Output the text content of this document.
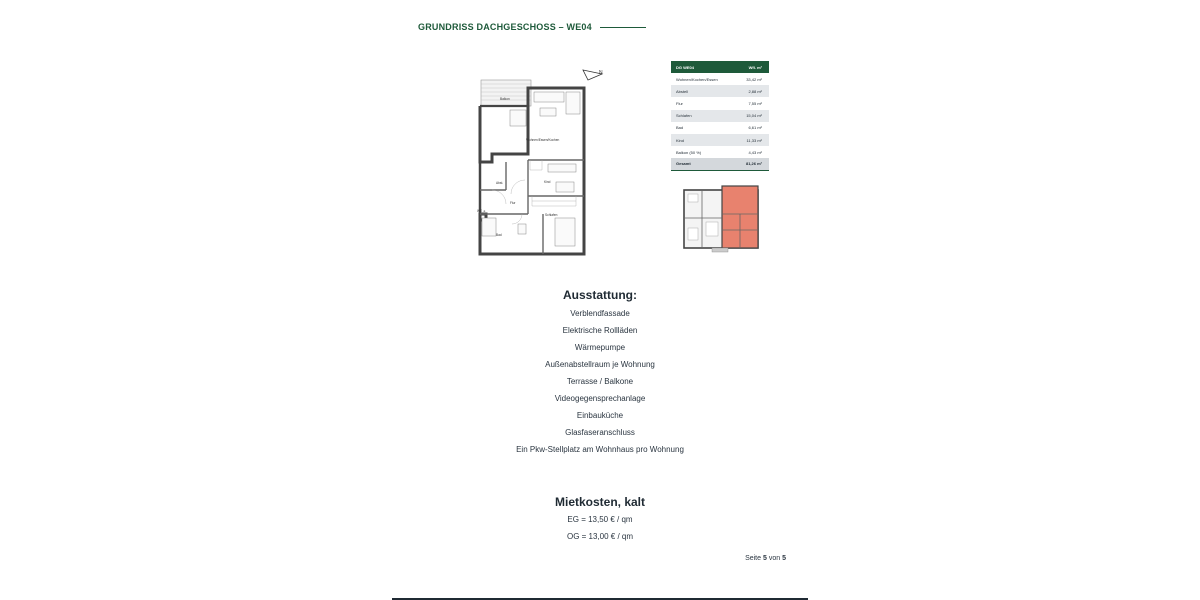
GRUNDRISS DACHGESCHOSS – WE04
N
Balkon
Wohnen/Essen/Kochen
Abst.	Kind
Flur
Schlafen
Bad
WE ➔
DG WE04	Wfl. m²
Wohnen/Kochen/Essen	33,42 m²
Abstell	2,88 m²
Flur	7,55 m²
Schlafen	15,04 m²
Bad	6,61 m²
Kind	11,33 m²
Balkon (50 %)	4,43 m²
Gesamt	81,26 m²
Ausstattung:
Verblendfassade
Elektrische Rollläden
Wärmepumpe
Außenabstellraum je Wohnung
Terrasse / Balkone
Videogegensprechanlage
Einbauküche
Glasfaseranschluss
Ein Pkw-Stellplatz am Wohnhaus pro Wohnung
Mietkosten, kalt
EG = 13,50 € / qm
OG = 13,00 € / qm
Seite 5 von 5
